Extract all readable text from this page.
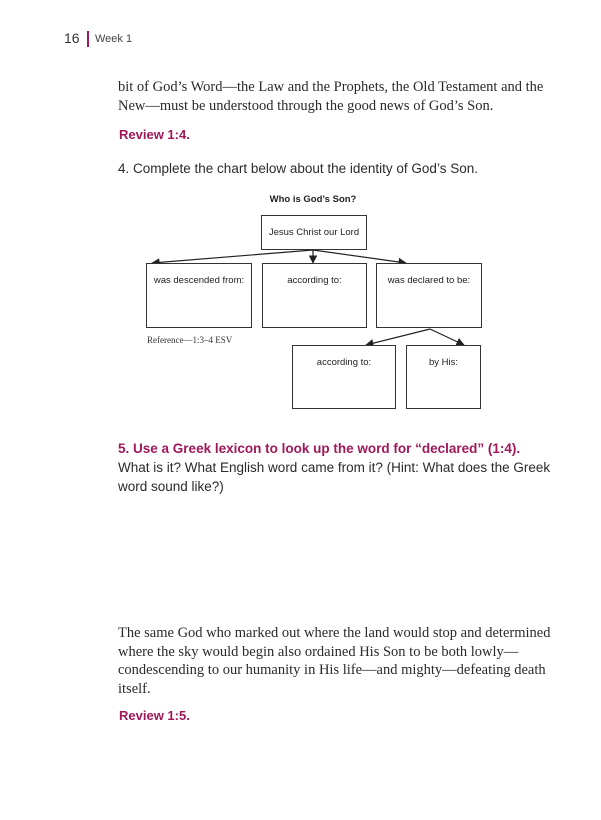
16 Week 1
bit of God’s Word—the Law and the Prophets, the Old Testament and the
New—must be understood through the good news of God’s Son.
Review 1:4.
4. Complete the chart below about the identity of God’s Son.
Who is God’s Son?
Jesus Christ our Lord
was descended from:	according to:	was declared to be:
Reference—1:3–4 ESV
according to:	by His:
5. Use a Greek lexicon to look up the word for “declared” (1:4).
What is it? What English word came from it? (Hint: What does the Greek
word sound like?)
The same God who marked out where the land would stop and determined
where the sky would begin also ordained His Son to be both lowly—
condescending to our humanity in His life—and mighty—defeating death
itself.
Review 1:5.
